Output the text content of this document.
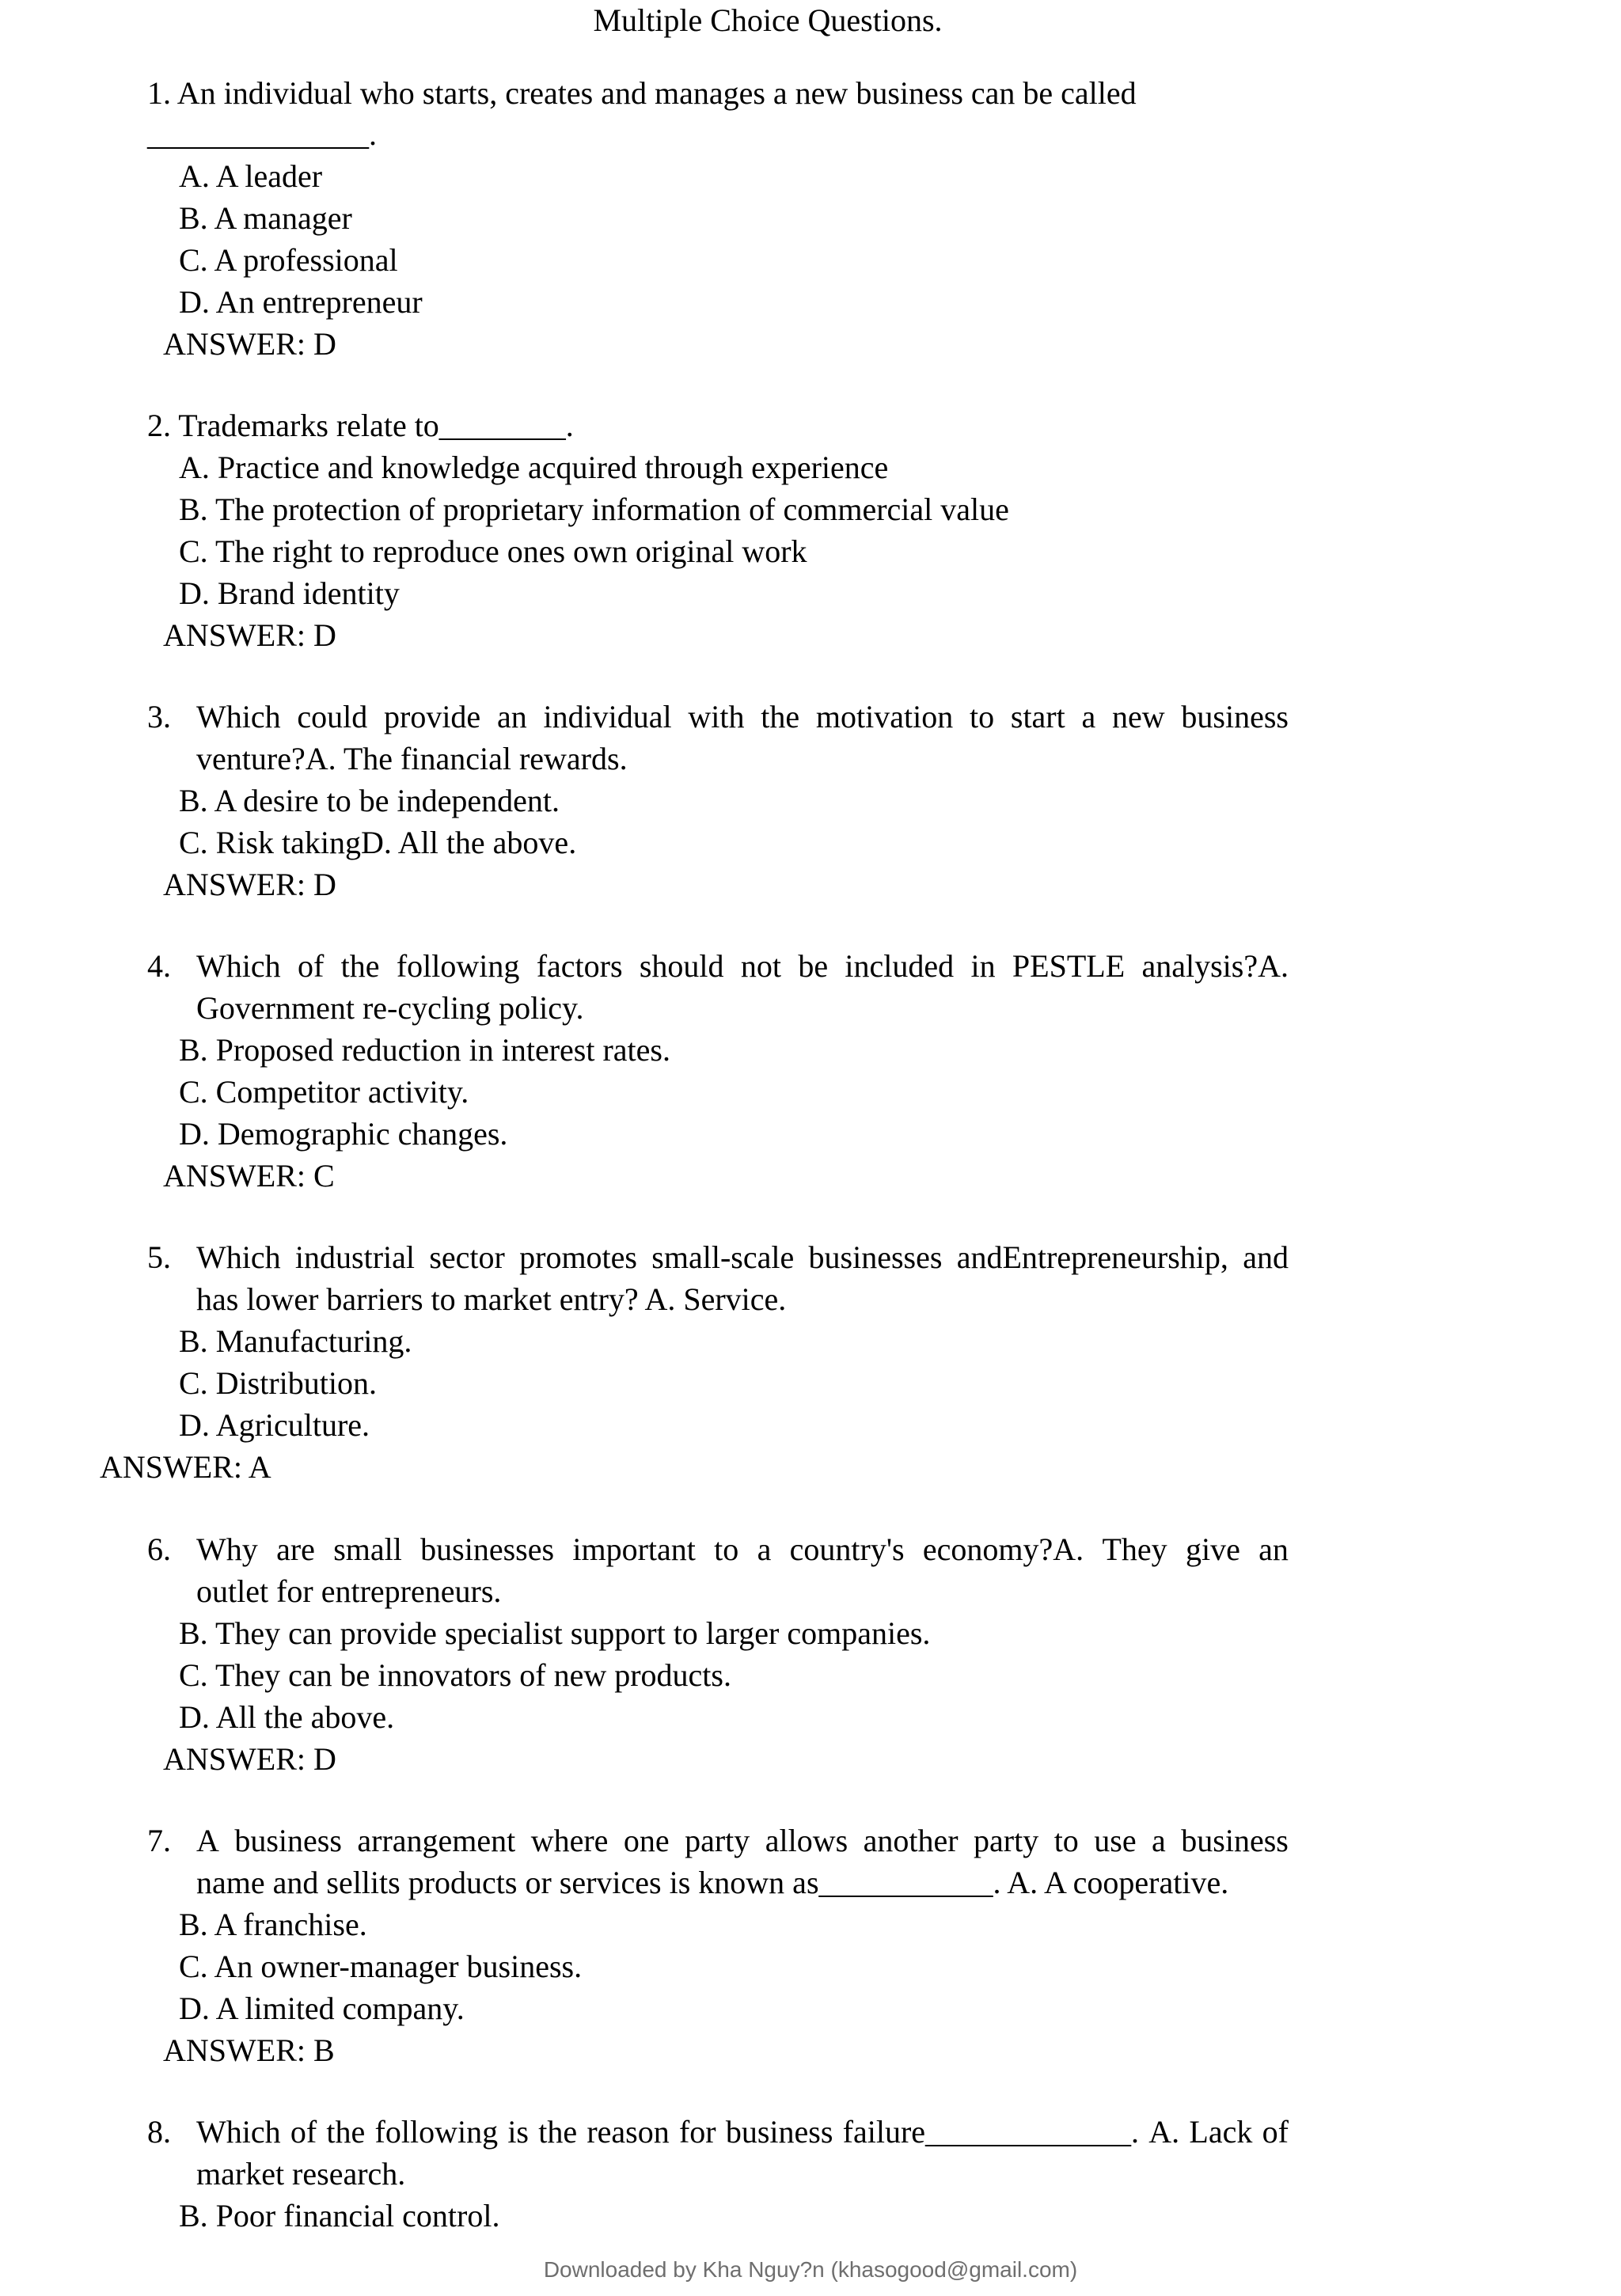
Multiple Choice Questions.
1. An individual who starts, creates and manages a new business can be called
______________.
A. A leader
B. A manager
C. A professional
D. An entrepreneur
ANSWER: D
2. Trademarks relate to________.
A. Practice and knowledge acquired through experience
B. The protection of proprietary information of commercial value
C. The right to reproduce ones own original work
D. Brand identity
ANSWER: D
3. Which could provide an individual with the motivation to start a new business
venture?A. The financial rewards.
B. A desire to be independent.
C. Risk takingD. All the above.
ANSWER: D
4. Which of the following factors should not be included in PESTLE analysis?A.
Government re-cycling policy.
B. Proposed reduction in interest rates.
C. Competitor activity.
D. Demographic changes.
ANSWER: C
5. Which industrial sector promotes small-scale businesses andEntrepreneurship, and
has lower barriers to market entry? A. Service.
B. Manufacturing.
C. Distribution.
D. Agriculture.
ANSWER: A
6. Why are small businesses important to a country's economy?A. They give an
outlet for entrepreneurs.
B. They can provide specialist support to larger companies.
C. They can be innovators of new products.
D. All the above.
ANSWER: D
7. A business arrangement where one party allows another party to use a business
name and sellits products or services is known as___________. A. A cooperative.
B. A franchise.
C. An owner-manager business.
D. A limited company.
ANSWER: B
8. Which of the following is the reason for business failure_____________. A. Lack of
market research.
B. Poor financial control.
Downloaded by Kha Nguy?n (khasogood@gmail.com)
